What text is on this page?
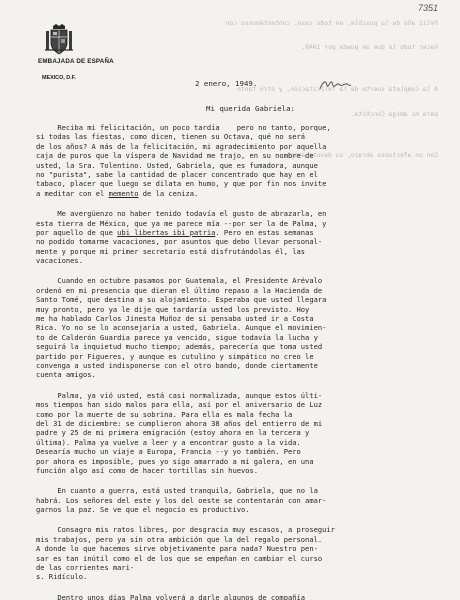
Feliz año de lo posible, en todo caso, contentémonos con

hacer todo lo que se pueda por 1949.

A la completa suerte de la felicitación, y otro tanto

para mi amiga Conchita.

Con un afectuoso abrazo, su devoto amigo

7351
EMBAJADA DE ESPAÑA
MEXICO, D.F.
2 enero, 1949.
Mi querida Gabriela:
Reciba mi felicitación, un poco tardía    pero no tanto, porque,
si todas las fiestas, como dicen, tienen su Octava, qué no será
de los años? A más de la felicitación, mi agradecimiento por aquella
caja de puros que la víspera de Navidad me trajo, en su nombre de
usted, la Sra. Tolentino. Usted, Gabriela, que es fumadora, aunque
no "purista", sabe la cantidad de placer concentrado que hay en el
tabaco, placer que luego se dilata en humo, y que por fin nos invite
a meditar con el memento de la ceniza.
Me avergüenzo no haber tenido todavía el gusto de abrazarla, en
esta tierra de México, que ya me parece mía --por ser la de Palma, y
por aquello de que ubi libertas ibi patria. Pero en estas semanas
no podido tomarme vacaciones, por asuntos que debo llevar personal-
mente y porque mi primer secretario está disfrutándolas él, las
vacaciones.
Cuando en octubre pasamos por Guatemala, el Presidente Arévalo
ordenó en mi presencia que dieran el último repaso a la Hacienda de
Santo Tomé, que destina a su alojamiento. Esperaba que usted llegara
muy pronto, pero ya le dije que tardaría usted los previsto. Hoy
me ha hablado Carlos Jinesta Muñoz de si pensaba usted ir a Costa
Rica. Yo no se lo aconsejaría a usted, Gabriela. Aunque el movimien-
to de Calderón Guardia parece ya vencido, sigue todavía la lucha y
seguirá la inquietud mucho tiempo; además, parecería que toma usted
partido por Figueres, y aunque es cutulino y simpático no creo le
convenga a usted indisponerse con el otro bando, donde ciertamente
cuenta amigos.
Palma, ya vió usted, está casi normalizada, aunque estos últi-
mos tiempos han sido malos para ella, así por el aniversario de Luz
como por la muerte de su sobrina. Para ella es mala fecha la
del 31 de diciembre: se cumplieron ahora 38 años del entierro de mi
padre y 25 de mi primera emigración (estoy ahora en la tercera y
última). Palma ya vuelve a leer y a encontrar gusto a la vida.
Desearía mucho un viaje a Europa, Francia --y yo también. Pero
por ahora es imposible, pues yo sigo amarrado a mi galera, en una
función algo así como de hacer tortillas sin huevos.
En cuanto a guerra, está usted tranquila, Gabriela, que no la
habrá. Los señores del este y los del oeste se contentarán con amar-
garnos la paz. Se ve que el negocio es productivo.
Consagro mis ratos libres, por desgracia muy escasos, a proseguir
mis trabajos, pero ya sin otra ambición que la del regalo personal.
A donde lo que hacemos sirve objetivamente para nada? Nuestro pen-
sar es tan inútil como el de los que se empeñan en cambiar el curso
de las corrientes mari-
s. Ridículo.
Dentro unos días Palma volverá a darle algunos de compañía
